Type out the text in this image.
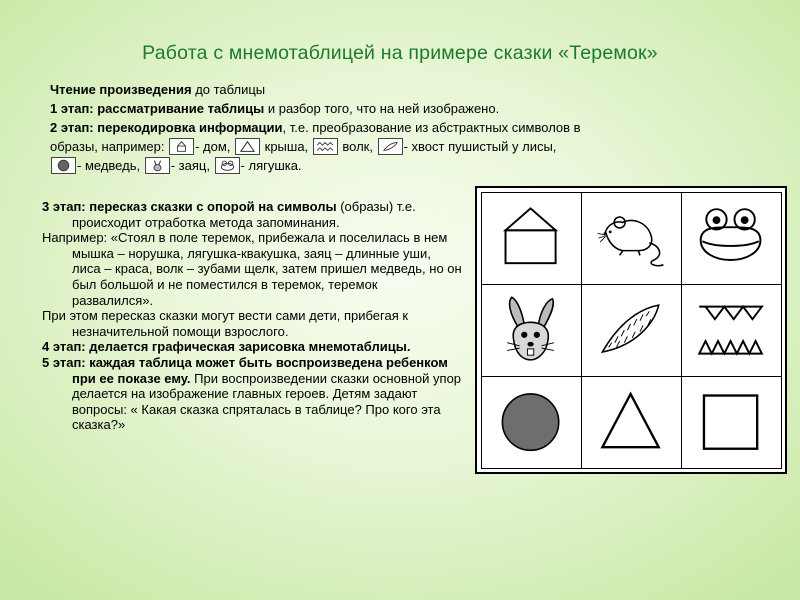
Работа с мнемотаблицей на примере сказки «Теремок»
Чтение произведения до таблицы
1 этап: рассматривание таблицы и разбор того, что на ней изображено.
2 этап: перекодировка информации, т.е. преобразование из абстрактных символов в
образы, например:
- дом,
крыша,
волк,
- хвост пушистый у лисы,
- медведь,
- заяц,
- лягушка.

3 этап: пересказ сказки с опорой на символы (образы) т.е. происходит отработка метода запоминания.

Например: «Стоял в поле теремок, прибежала и поселилась в нем мышка – норушка, лягушка-квакушка, заяц – длинные уши, лиса – краса, волк – зубами щелк, затем пришел медведь, но он был большой и не поместился в теремок, теремок развалился».

При этом пересказ сказки могут вести сами дети, прибегая к незначительной помощи взрослого.

4 этап: делается графическая зарисовка мнемотаблицы.

5 этап: каждая таблица может быть воспроизведена ребенком при ее показе ему. При воспроизведении сказки основной упор делается на изображение главных героев. Детям задают вопросы: « Какая сказка спряталась в таблице? Про кого эта сказка?»
